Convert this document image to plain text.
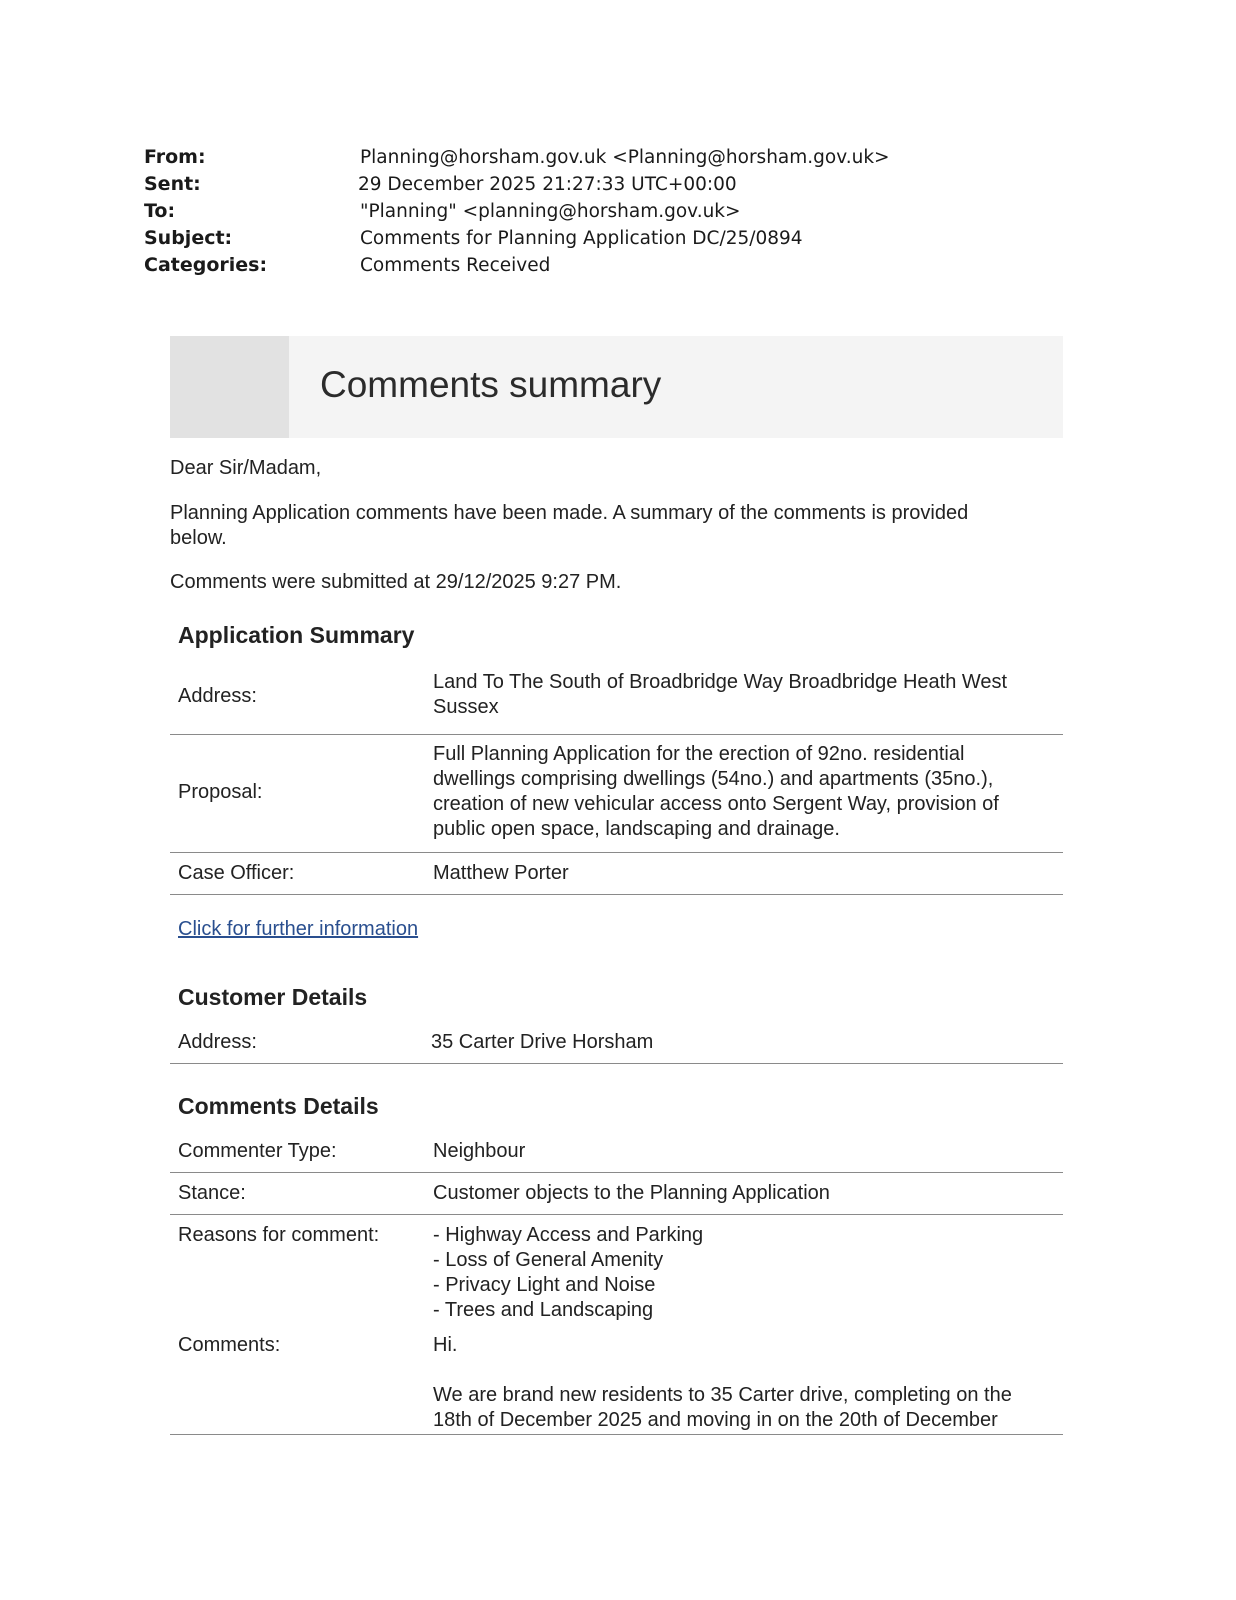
From:	Planning@horsham.gov.uk <Planning@horsham.gov.uk>
Sent:	29 December 2025 21:27:33 UTC+00:00
To:	"Planning" <planning@horsham.gov.uk>
Subject:	Comments for Planning Application DC/25/0894
Categories:	Comments Received
Comments summary
Dear Sir/Madam,
Planning Application comments have been made. A summary of the comments is provided
below.
Comments were submitted at 29/12/2025 9:27 PM.
Application Summary
Address:
Land To The South of Broadbridge Way Broadbridge Heath West
Sussex
Proposal:
Full Planning Application for the erection of 92no. residential
dwellings comprising dwellings (54no.) and apartments (35no.),
creation of new vehicular access onto Sergent Way, provision of
public open space, landscaping and drainage.
Case Officer:	Matthew Porter
Click for further information
Customer Details
Address:	35 Carter Drive Horsham
Comments Details
Commenter Type:	Neighbour
Stance:	Customer objects to the Planning Application
Reasons for comment:	- Highway Access and Parking
- Loss of General Amenity
- Privacy Light and Noise
- Trees and Landscaping
Comments:	Hi.
We are brand new residents to 35 Carter drive, completing on the
18th of December 2025 and moving in on the 20th of December
